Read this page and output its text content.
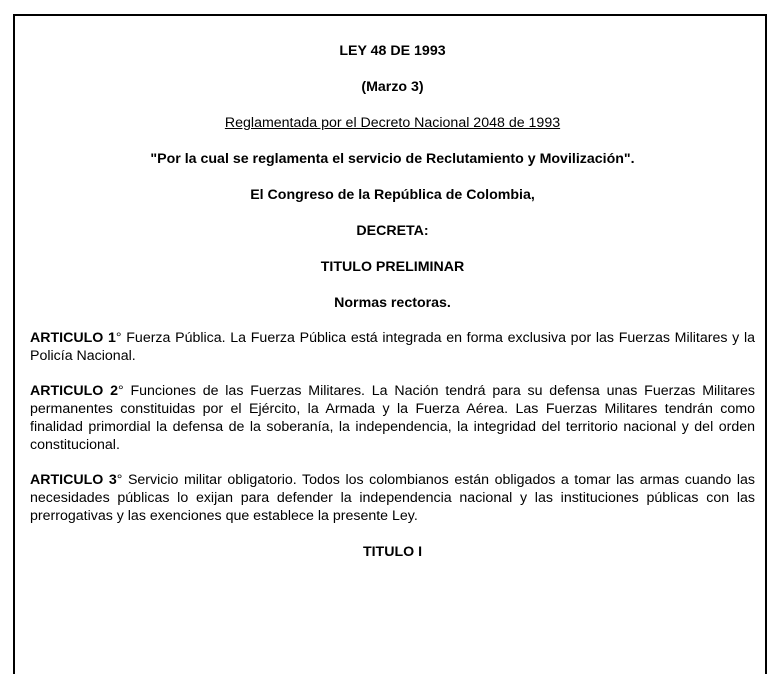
LEY 48 DE 1993

(Marzo 3)

Reglamentada por el Decreto Nacional 2048 de 1993

"Por la cual se reglamenta el servicio de Reclutamiento y Movilización".

El Congreso de la República de Colombia,

DECRETA:

TITULO PRELIMINAR

Normas rectoras.

ARTICULO 1° Fuerza Pública. La Fuerza Pública está integrada en forma exclusiva por las Fuerzas Militares y la Policía Nacional.

ARTICULO 2° Funciones de las Fuerzas Militares. La Nación tendrá para su defensa unas Fuerzas Militares permanentes constituidas por el Ejército, la Armada y la Fuerza Aérea. Las Fuerzas Militares tendrán como finalidad primordial la defensa de la soberanía, la independencia, la integridad del territorio nacional y del orden constitucional.

ARTICULO 3° Servicio militar obligatorio. Todos los colombianos están obligados a tomar las armas cuando las necesidades públicas lo exijan para defender la independencia nacional y las instituciones públicas con las prerrogativas y las exenciones que establece la presente Ley.

TITULO I
